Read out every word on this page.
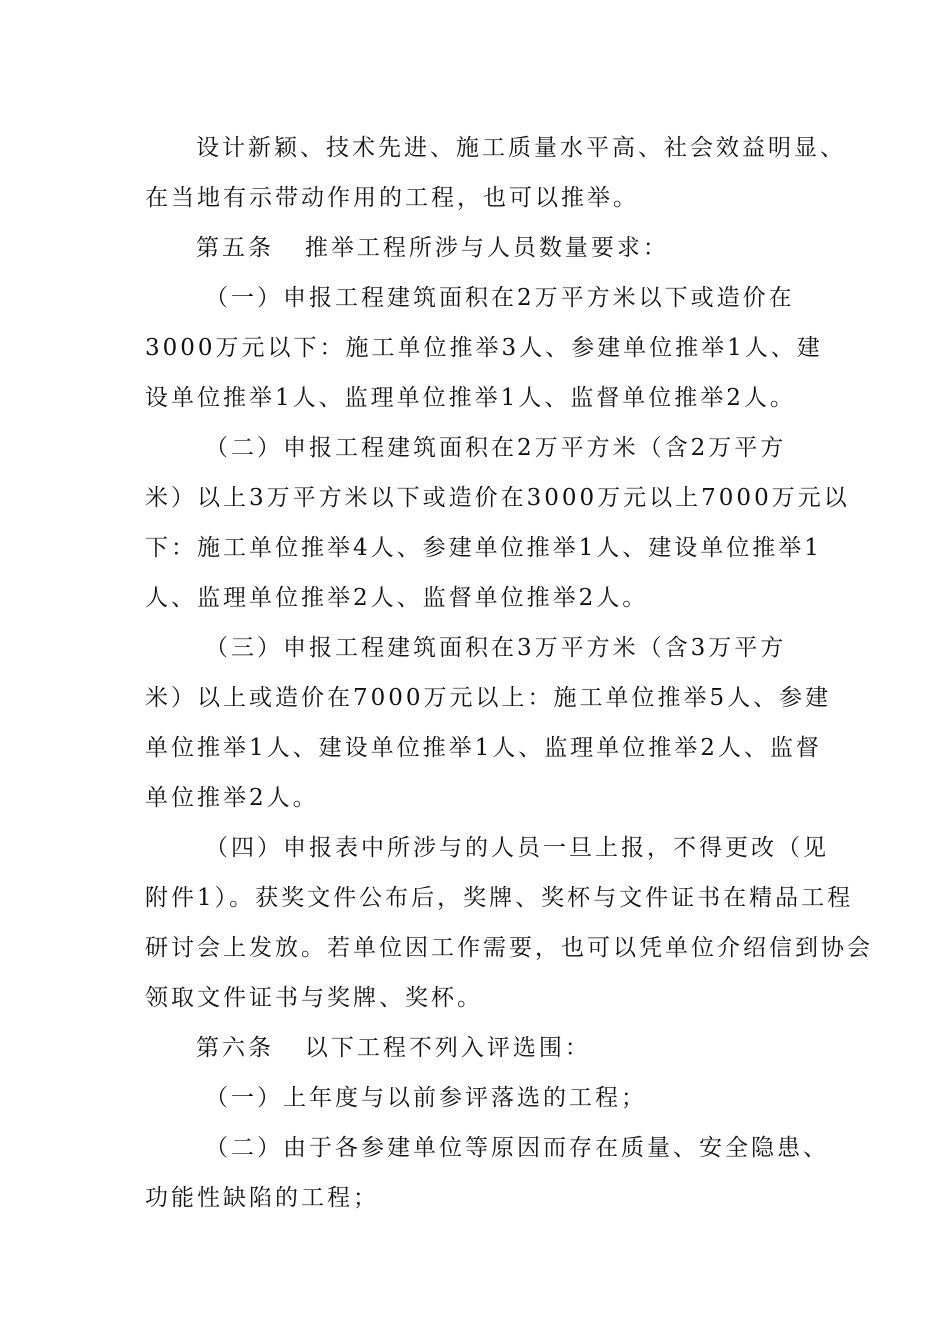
设计新颖、技术先进、施工质量水平高、社会效益明显、
在当地有示带动作用的工程，也可以推举。
第五条   推举工程所涉与人员数量要求：
（一）申报工程建筑面积在2万平方米以下或造价在
3000万元以下：施工单位推举3人、参建单位推举1人、建
设单位推举1人、监理单位推举1人、监督单位推举2人。
（二）申报工程建筑面积在2万平方米（含2万平方
米）以上3万平方米以下或造价在3000万元以上7000万元以
下：施工单位推举4人、参建单位推举1人、建设单位推举1
人、监理单位推举2人、监督单位推举2人。
（三）申报工程建筑面积在3万平方米（含3万平方
米）以上或造价在7000万元以上：施工单位推举5人、参建
单位推举1人、建设单位推举1人、监理单位推举2人、监督
单位推举2人。
（四）申报表中所涉与的人员一旦上报，不得更改（见
附件1）。获奖文件公布后，奖牌、奖杯与文件证书在精品工程
研讨会上发放。若单位因工作需要，也可以凭单位介绍信到协会
领取文件证书与奖牌、奖杯。
第六条   以下工程不列入评选围：
（一）上年度与以前参评落选的工程；
（二）由于各参建单位等原因而存在质量、安全隐患、
功能性缺陷的工程；
